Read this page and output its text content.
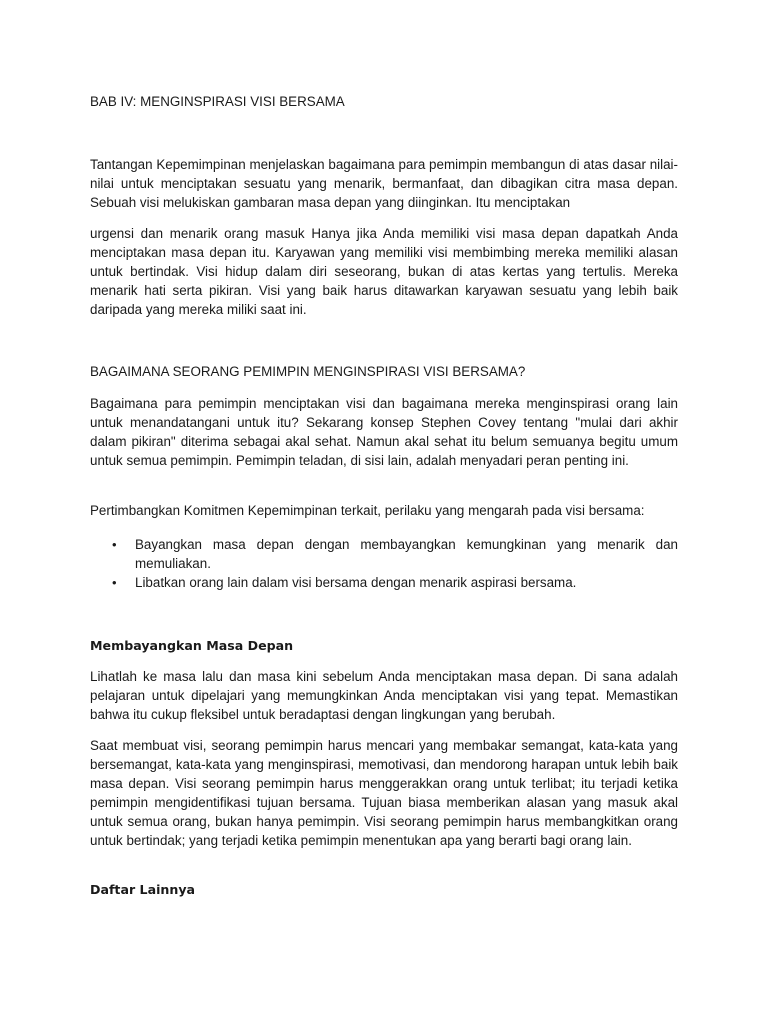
BAB IV: MENGINSPIRASI VISI BERSAMA

Tantangan Kepemimpinan menjelaskan bagaimana para pemimpin membangun di atas dasar nilai-nilai untuk menciptakan sesuatu yang menarik, bermanfaat, dan dibagikan citra masa depan. Sebuah visi melukiskan gambaran masa depan yang diinginkan. Itu menciptakan

urgensi dan menarik orang masuk Hanya jika Anda memiliki visi masa depan dapatkah Anda menciptakan masa depan itu. Karyawan yang memiliki visi membimbing mereka memiliki alasan untuk bertindak. Visi hidup dalam diri seseorang, bukan di atas kertas yang tertulis. Mereka menarik hati serta pikiran. Visi yang baik harus ditawarkan karyawan sesuatu yang lebih baik daripada yang mereka miliki saat ini.

BAGAIMANA SEORANG PEMIMPIN MENGINSPIRASI VISI BERSAMA?

Bagaimana para pemimpin menciptakan visi dan bagaimana mereka menginspirasi orang lain untuk menandatangani untuk itu? Sekarang konsep Stephen Covey tentang "mulai dari akhir dalam pikiran" diterima sebagai akal sehat. Namun akal sehat itu belum semuanya begitu umum untuk semua pemimpin. Pemimpin teladan, di sisi lain, adalah menyadari peran penting ini.

Pertimbangkan Komitmen Kepemimpinan terkait, perilaku yang mengarah pada visi bersama:

• Bayangkan masa depan dengan membayangkan kemungkinan yang menarik dan memuliakan.
• Libatkan orang lain dalam visi bersama dengan menarik aspirasi bersama.

Membayangkan Masa Depan

Lihatlah ke masa lalu dan masa kini sebelum Anda menciptakan masa depan. Di sana adalah pelajaran untuk dipelajari yang memungkinkan Anda menciptakan visi yang tepat. Memastikan bahwa itu cukup fleksibel untuk beradaptasi dengan lingkungan yang berubah.

Saat membuat visi, seorang pemimpin harus mencari yang membakar semangat, kata-kata yang bersemangat, kata-kata yang menginspirasi, memotivasi, dan mendorong harapan untuk lebih baik masa depan. Visi seorang pemimpin harus menggerakkan orang untuk terlibat; itu terjadi ketika pemimpin mengidentifikasi tujuan bersama. Tujuan biasa memberikan alasan yang masuk akal untuk semua orang, bukan hanya pemimpin. Visi seorang pemimpin harus membangkitkan orang untuk bertindak; yang terjadi ketika pemimpin menentukan apa yang berarti bagi orang lain.

Daftar Lainnya
